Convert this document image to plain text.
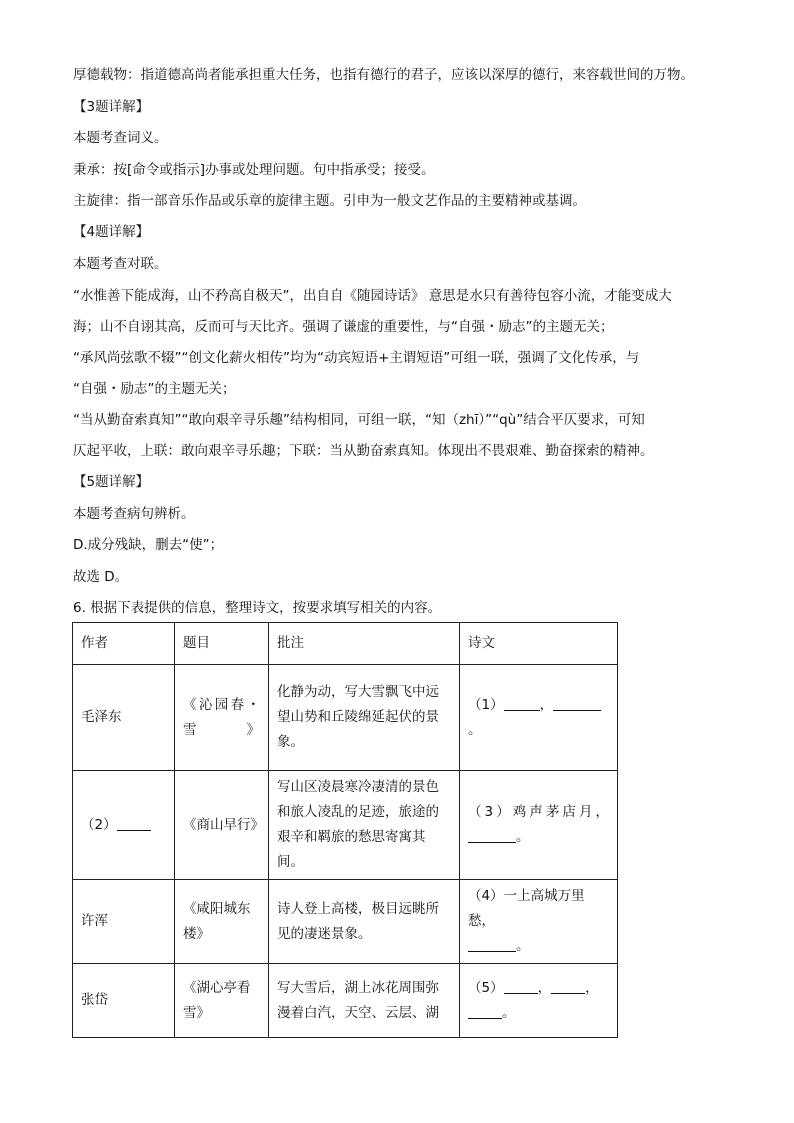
厚德载物：指道德高尚者能承担重大任务，也指有德行的君子，应该以深厚的德行，来容载世间的万物。
【3题详解】
本题考查词义。
秉承：按[命令或指示]办事或处理问题。句中指承受；接受。
主旋律：指一部音乐作品或乐章的旋律主题。引申为一般文艺作品的主要精神或基调。
【4题详解】
本题考查对联。
“水惟善下能成海，山不矜高自极天”，出自自《随园诗话》 意思是水只有善待包容小流，才能变成大
海；山不自诩其高，反而可与天比齐。强调了谦虚的重要性，与“自强・励志”的主题无关；
“承风尚弦歌不辍”“创文化薪火相传”均为“动宾短语+主谓短语”可组一联，强调了文化传承，与
“自强・励志”的主题无关；
“当从勤奋索真知”“敢向艰辛寻乐趣”结构相同，可组一联，“知（zhī）”“qù”结合平仄要求，可知
仄起平收，上联：敢向艰辛寻乐趣；下联：当从勤奋索真知。体现出不畏艰难、勤奋探索的精神。
【5题详解】
本题考查病句辨析。
D.成分残缺，删去“使”；
故选 D。
6. 根据下表提供的信息，整理诗文，按要求填写相关的内容。
作者	题目	批注	诗文
毛泽东	《沁园春・雪》	化静为动，写大雪飘飞中远望山势和丘陵绵延起伏的景象。	（1） ，。
（2）	《商山早行》	写山区凌晨寒冷凄清的景色和旅人凌乱的足迹，旅途的艰辛和羁旅的愁思寄寓其间。	（3）鸡声茅店月，
。
许浑	《咸阳城东楼》	诗人登上高楼，极目远眺所见的凄迷景象。	（4）一上高城万里愁，
。
张岱	《湖心亭看雪》	写大雪后，湖上冰花周围弥漫着白汽，天空、云层、湖	（5） ， ，
。
